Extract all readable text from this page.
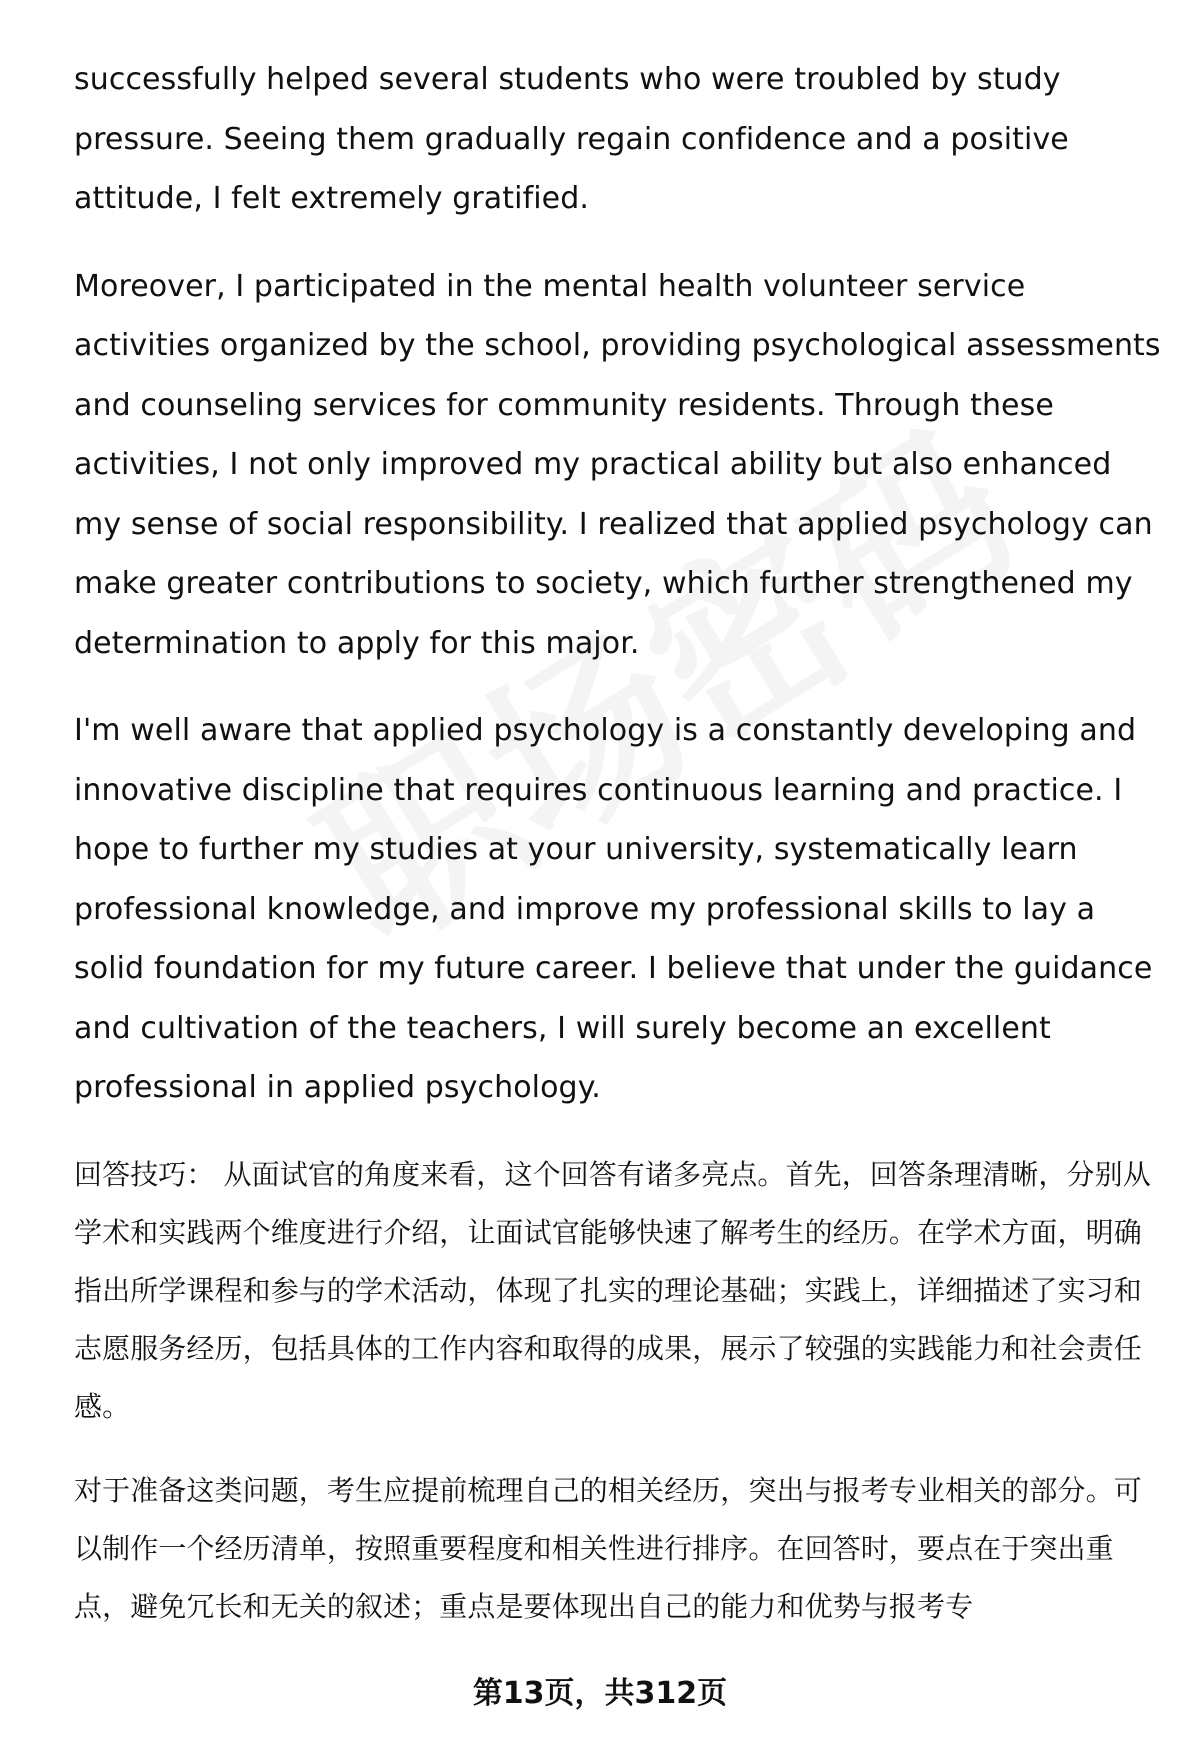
successfully helped several students who were troubled by study pressure. Seeing them gradually regain confidence and a positive attitude, I felt extremely gratified.

Moreover, I participated in the mental health volunteer service activities organized by the school, providing psychological assessments and counseling services for community residents. Through these activities, I not only improved my practical ability but also enhanced my sense of social responsibility. I realized that applied psychology can make greater contributions to society, which further strengthened my determination to apply for this major.

I'm well aware that applied psychology is a constantly developing and innovative discipline that requires continuous learning and practice. I hope to further my studies at your university, systematically learn professional knowledge, and improve my professional skills to lay a solid foundation for my future career. I believe that under the guidance and cultivation of the teachers, I will surely become an excellent professional in applied psychology.

回答技巧： 从面试官的角度来看，这个回答有诸多亮点。首先，回答条理清晰，分别从学术和实践两个维度进行介绍，让面试官能够快速了解考生的经历。在学术方面，明确指出所学课程和参与的学术活动，体现了扎实的理论基础；实践上，详细描述了实习和志愿服务经历，包括具体的工作内容和取得的成果，展示了较强的实践能力和社会责任感。

对于准备这类问题，考生应提前梳理自己的相关经历，突出与报考专业相关的部分。可以制作一个经历清单，按照重要程度和相关性进行排序。在回答时，要点在于突出重点，避免冗长和无关的叙述；重点是要体现出自己的能力和优势与报考专

第13页，共312页
